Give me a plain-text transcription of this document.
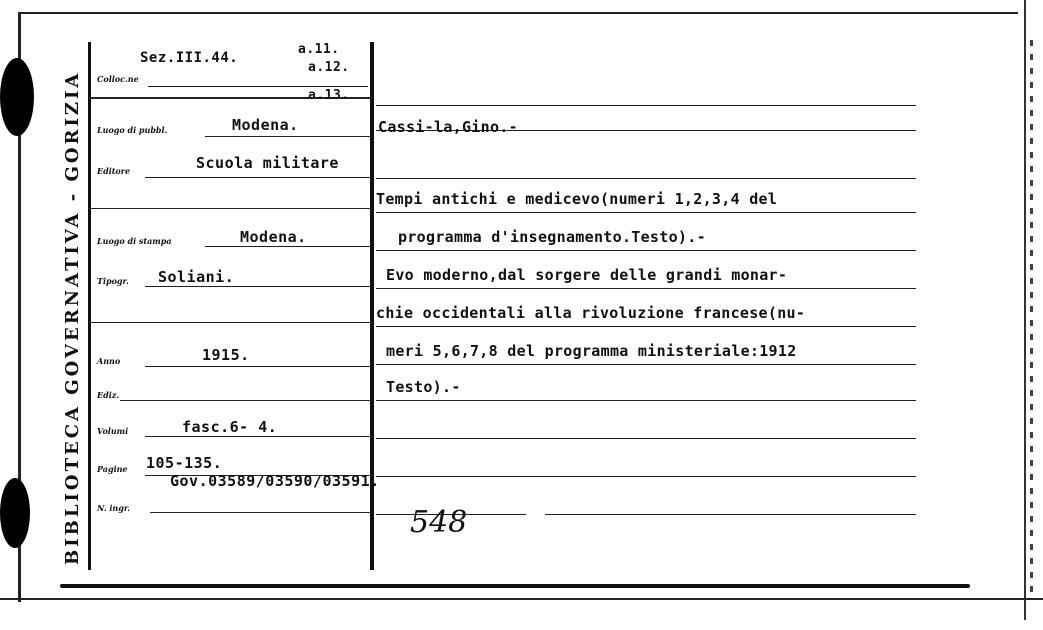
BIBLIOTECA GOVERNATIVA - GORIZIA Colloc.ne
Luogo di pubbl.
Editore
Luogo di stampa
Tipogr.
Anno
Ediz.
Volumi
Pagine
N. ingr.
Sez.III.44.
a.11.
a.12.
a.13.
Modena.
Scuola militare
Modena.
Soliani.
1915.
fasc.6- 4.
105-135.
Gov.03589/03590/03591.
Cassi-la,Gino.-
Tempi antichi e medicevo(numeri 1,2,3,4 del
programma d'insegnamento.Testo).-
Evo moderno,dal sorgere delle grandi monar-
chie occidentali alla rivoluzione francese(nu-
meri 5,6,7,8 del programma ministeriale:1912
Testo).-
548
